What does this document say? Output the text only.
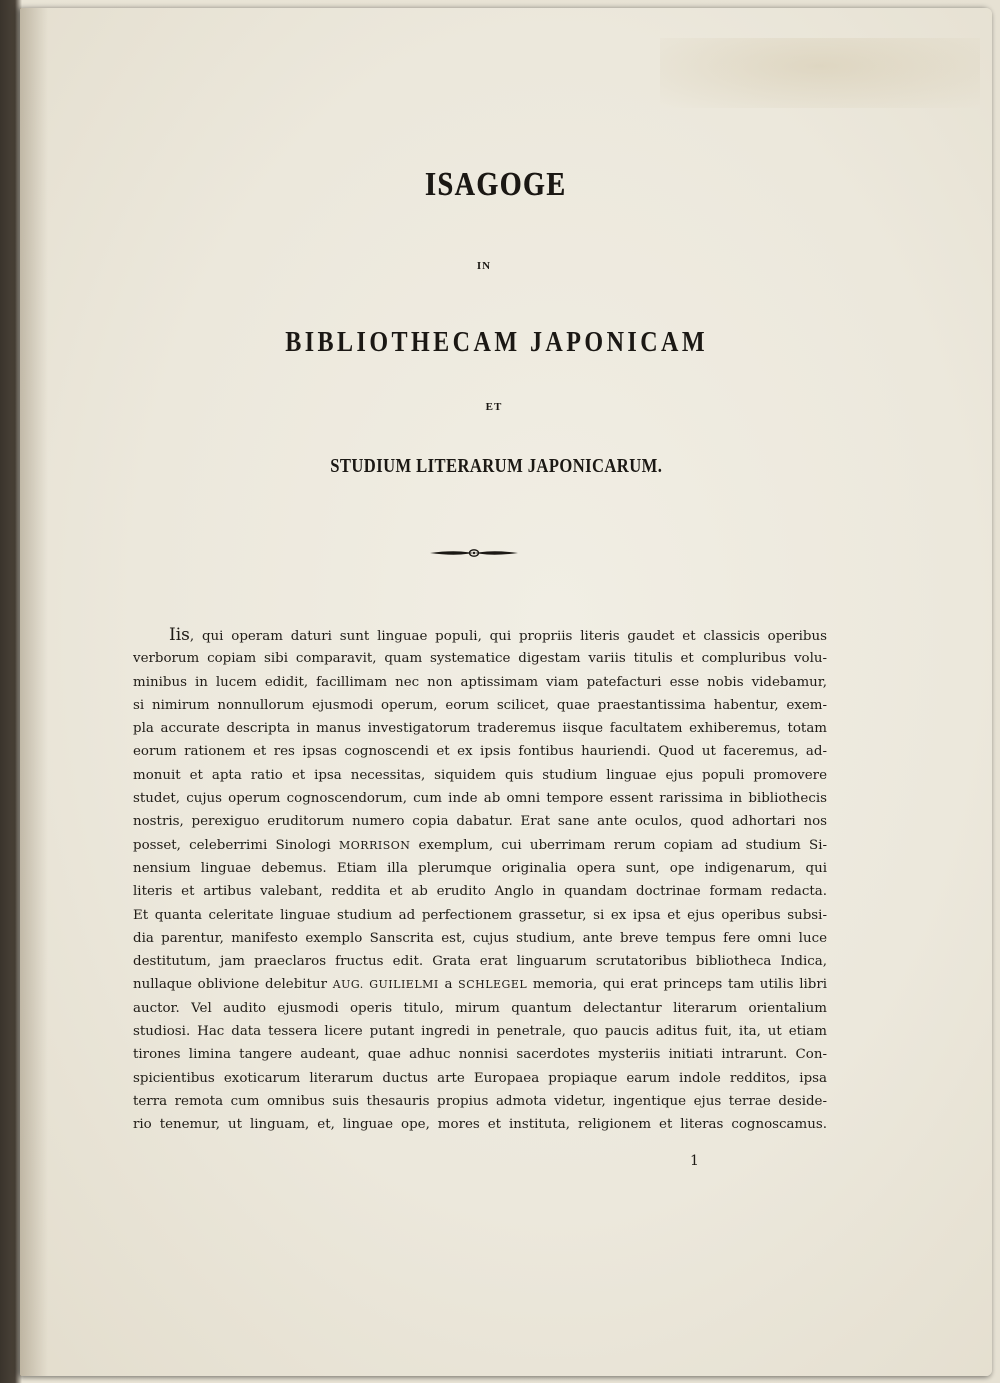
ISAGOGE
IN
BIBLIOTHECAM JAPONICAM
ET
STUDIUM LITERARUM JAPONICARUM.
Iis, qui operam daturi sunt linguae populi, qui propriis literis gaudet et classicis operibus
verborum copiam sibi comparavit, quam systematice digestam variis titulis et compluribus volu-
minibus in lucem edidit, facillimam nec non aptissimam viam patefacturi esse nobis videbamur,
si nimirum nonnullorum ejusmodi operum, eorum scilicet, quae praestantissima habentur, exem-
pla accurate descripta in manus investigatorum traderemus iisque facultatem exhiberemus, totam
eorum rationem et res ipsas cognoscendi et ex ipsis fontibus hauriendi. Quod ut faceremus, ad-
monuit et apta ratio et ipsa necessitas, siquidem quis studium linguae ejus populi promovere
studet, cujus operum cognoscendorum, cum inde ab omni tempore essent rarissima in bibliothecis
nostris, perexiguo eruditorum numero copia dabatur. Erat sane ante oculos, quod adhortari nos
posset, celeberrimi Sinologi MORRISON exemplum, cui uberrimam rerum copiam ad studium Si-
nensium linguae debemus. Etiam illa plerumque originalia opera sunt, ope indigenarum, qui
literis et artibus valebant, reddita et ab erudito Anglo in quandam doctrinae formam redacta.
Et quanta celeritate linguae studium ad perfectionem grassetur, si ex ipsa et ejus operibus subsi-
dia parentur, manifesto exemplo Sanscrita est, cujus studium, ante breve tempus fere omni luce
destitutum, jam praeclaros fructus edit. Grata erat linguarum scrutatoribus bibliotheca Indica,
nullaque oblivione delebitur AUG. GUILIELMI a SCHLEGEL memoria, qui erat princeps tam utilis libri
auctor. Vel audito ejusmodi operis titulo, mirum quantum delectantur literarum orientalium
studiosi. Hac data tessera licere putant ingredi in penetrale, quo paucis aditus fuit, ita, ut etiam
tirones limina tangere audeant, quae adhuc nonnisi sacerdotes mysteriis initiati intrarunt. Con-
spicientibus exoticarum literarum ductus arte Europaea propiaque earum indole redditos, ipsa
terra remota cum omnibus suis thesauris propius admota videtur, ingentique ejus terrae deside-
rio tenemur, ut linguam, et, linguae ope, mores et instituta, religionem et literas cognoscamus.
1
